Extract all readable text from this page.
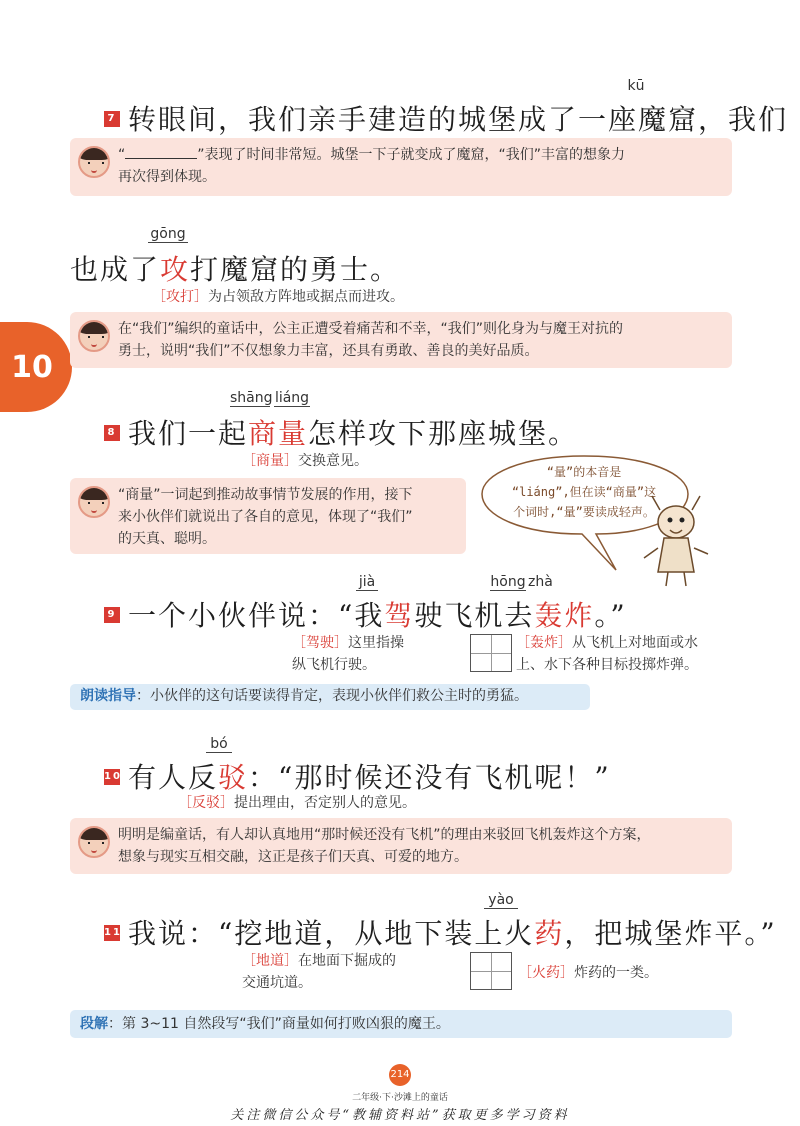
10
kū
7 转眼间，我们亲手建造的城堡成了一座魔窟，我们
“	”表现了时间非常短。城堡一下子就变成了魔窟，“我们”丰富的想象力
再次得到体现。
gōng
也成了攻打魔窟的勇士。
［攻打］为占领敌方阵地或据点而进攻。
在“我们”编织的童话中，公主正遭受着痛苦和不幸，“我们”则化身为与魔王对抗的
勇士，说明“我们”不仅想象力丰富，还具有勇敢、善良的美好品质。
shāng liáng
8 我们一起商量怎样攻下那座城堡。
［商量］交换意见。
“商量”一词起到推动故事情节发展的作用，接下
来小伙伴们就说出了各自的意见，体现了“我们”
的天真、聪明。
“量”的本音是
“liáng”,但在读“商量”这
个词时,“量”要读成轻声。
jià	hōng zhà
9 一个小伙伴说：“我驾驶飞机去轰炸。”
［驾驶］这里指操
纵飞机行驶。
［轰炸］从飞机上对地面或水
上、水下各种目标投掷炸弹。
朗读指导：小伙伴的这句话要读得肯定，表现小伙伴们救公主时的勇猛。
bó
10 有人反驳：“那时候还没有飞机呢！”
［反驳］提出理由，否定别人的意见。
明明是编童话，有人却认真地用“那时候还没有飞机”的理由来驳回飞机轰炸这个方案，
想象与现实互相交融，这正是孩子们天真、可爱的地方。
yào
11 我说：“挖地道，从地下装上火药，把城堡炸平。”
［地道］在地面下掘成的
交通坑道。
［火药］炸药的一类。
段解：第 3~11 自然段写“我们”商量如何打败凶狠的魔王。
214
二年级·下·沙滩上的童话
关注微信公众号“教辅资料站”获取更多学习资料
